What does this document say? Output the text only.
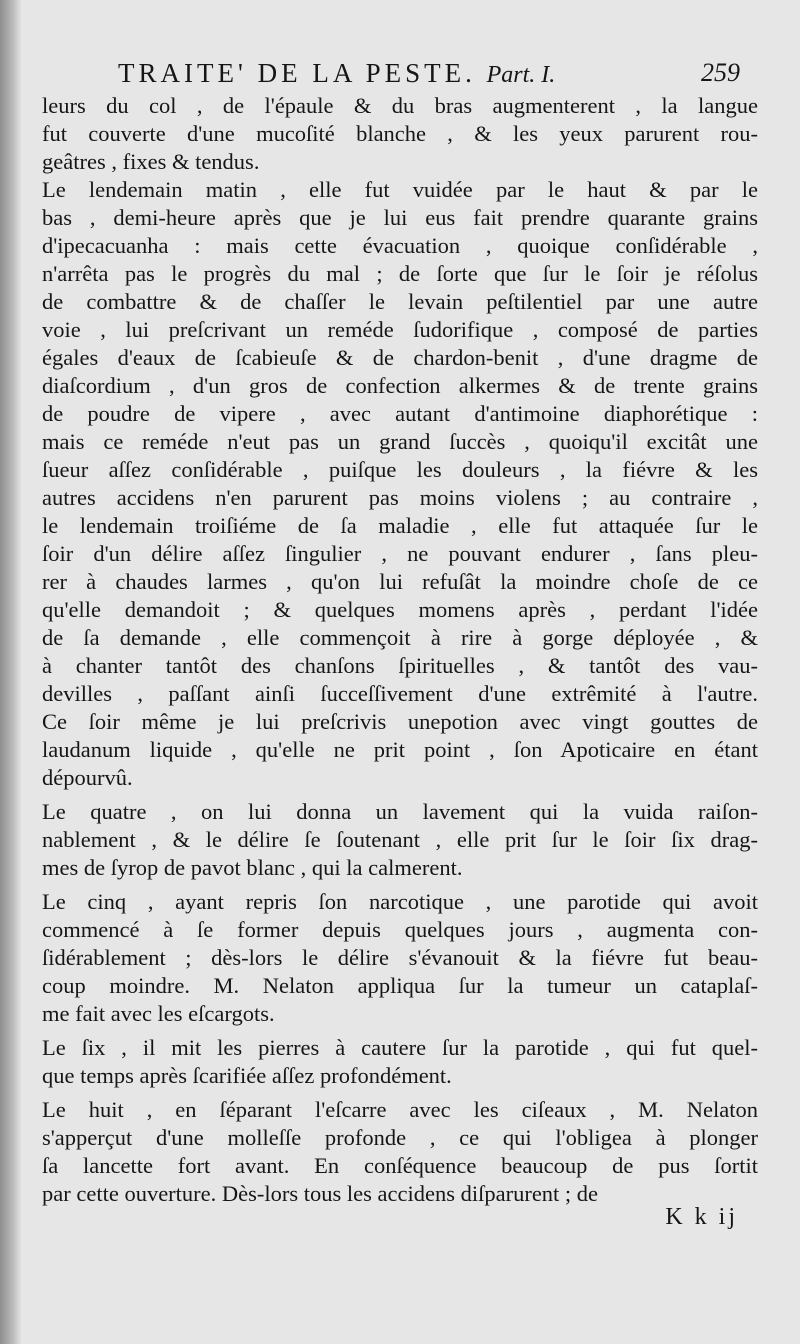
TRAITE' DE LA PESTE. Part. I.	259
leurs du col , de l'épaule & du bras augmenterent , la langue
fut couverte d'une mucoſité blanche , & les yeux parurent rou-
geâtres , fixes & tendus.
Le lendemain matin , elle fut vuidée par le haut & par le
bas , demi-heure après que je lui eus fait prendre quarante grains
d'ipecacuanha : mais cette évacuation , quoique conſidérable ,
n'arrêta pas le progrès du mal ; de ſorte que ſur le ſoir je réſolus
de combattre & de chaſſer le levain peſtilentiel par une autre
voie , lui preſcrivant un reméde ſudorifique , composé de parties
égales d'eaux de ſcabieuſe & de chardon-benit , d'une dragme de
diaſcordium , d'un gros de confection alkermes & de trente grains
de poudre de vipere , avec autant d'antimoine diaphorétique :
mais ce reméde n'eut pas un grand ſuccès , quoiqu'il excitât une
ſueur aſſez conſidérable , puiſque les douleurs , la fiévre & les
autres accidens n'en parurent pas moins violens ; au contraire ,
le lendemain troiſiéme de ſa maladie , elle fut attaquée ſur le
ſoir d'un délire aſſez ſingulier , ne pouvant endurer , ſans pleu-
rer à chaudes larmes , qu'on lui refuſât la moindre choſe de ce
qu'elle demandoit ; & quelques momens après , perdant l'idée
de ſa demande , elle commençoit à rire à gorge déployée , &
à chanter tantôt des chanſons ſpirituelles , & tantôt des vau-
devilles , paſſant ainſi ſucceſſivement d'une extrêmité à l'autre.
Ce ſoir même je lui preſcrivis unepotion avec vingt gouttes de
laudanum liquide , qu'elle ne prit point , ſon Apoticaire en étant
dépourvû.
Le quatre , on lui donna un lavement qui la vuida raiſon-
nablement , & le délire ſe ſoutenant , elle prit ſur le ſoir ſix drag-
mes de ſyrop de pavot blanc , qui la calmerent.
Le cinq , ayant repris ſon narcotique , une parotide qui avoit
commencé à ſe former depuis quelques jours , augmenta con-
ſidérablement ; dès-lors le délire s'évanouit & la fiévre fut beau-
coup moindre. M. Nelaton appliqua ſur la tumeur un cataplaſ-
me fait avec les eſcargots.
Le ſix , il mit les pierres à cautere ſur la parotide , qui fut quel-
que temps après ſcarifiée aſſez profondément.
Le huit , en ſéparant l'eſcarre avec les ciſeaux , M. Nelaton
s'apperçut d'une molleſſe profonde , ce qui l'obligea à plonger
ſa lancette fort avant. En conſéquence beaucoup de pus ſortit
par cette ouverture. Dès-lors tous les accidens diſparurent ; de
K k ij
